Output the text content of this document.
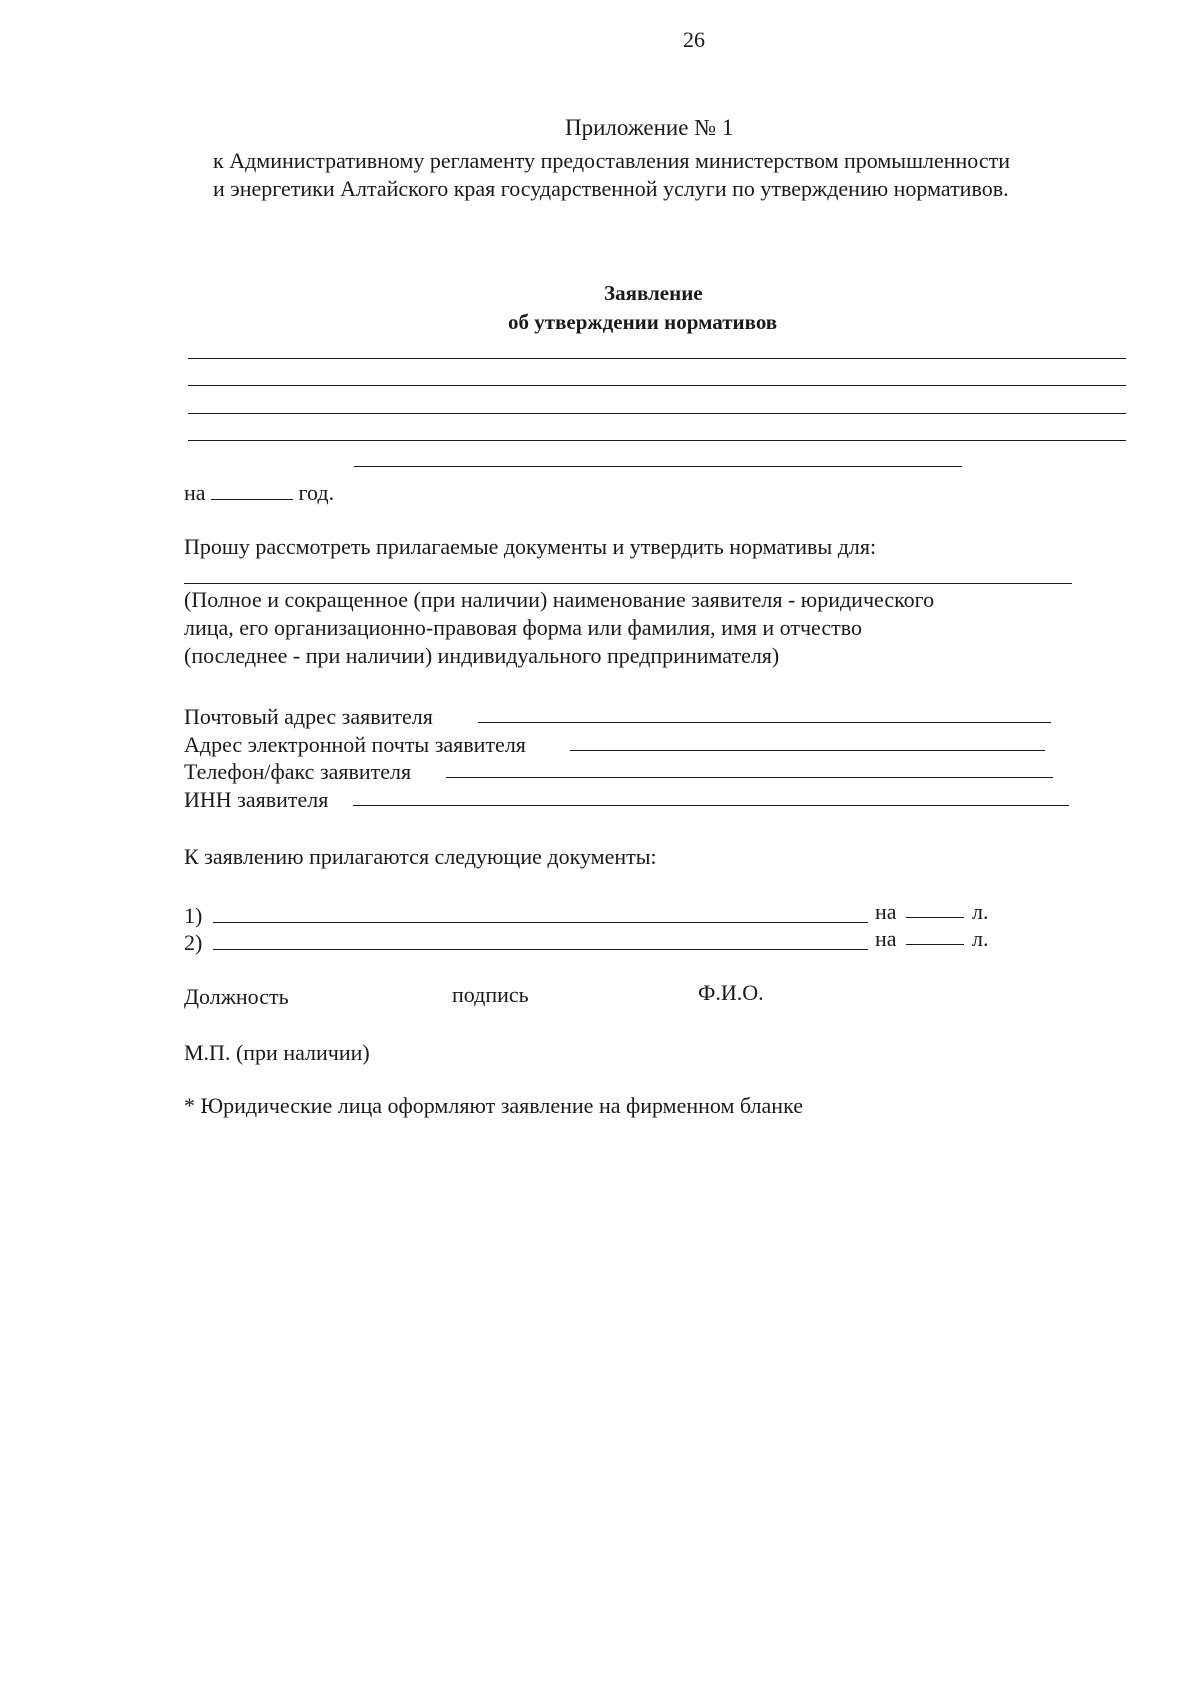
26
Приложение № 1
к Административному регламенту предоставления министерством промышленности
и энергетики Алтайского края государственной услуги по утверждению нормативов.
Заявление
об утверждении нормативов
на	год.
Прошу рассмотреть прилагаемые документы и утвердить нормативы для:
(Полное и сокращенное (при наличии) наименование заявителя - юридического
лица, его организационно-правовая форма или фамилия, имя и отчество
(последнее - при наличии) индивидуального предпринимателя)
Почтовый адрес заявителя
Адрес электронной почты заявителя
Телефон/факс заявителя
ИНН заявителя
К заявлению прилагаются следующие документы:
1)	на	л.
2)	на	л.
Должность	подпись	Ф.И.О.
М.П. (при наличии)
* Юридические лица оформляют заявление на фирменном бланке
